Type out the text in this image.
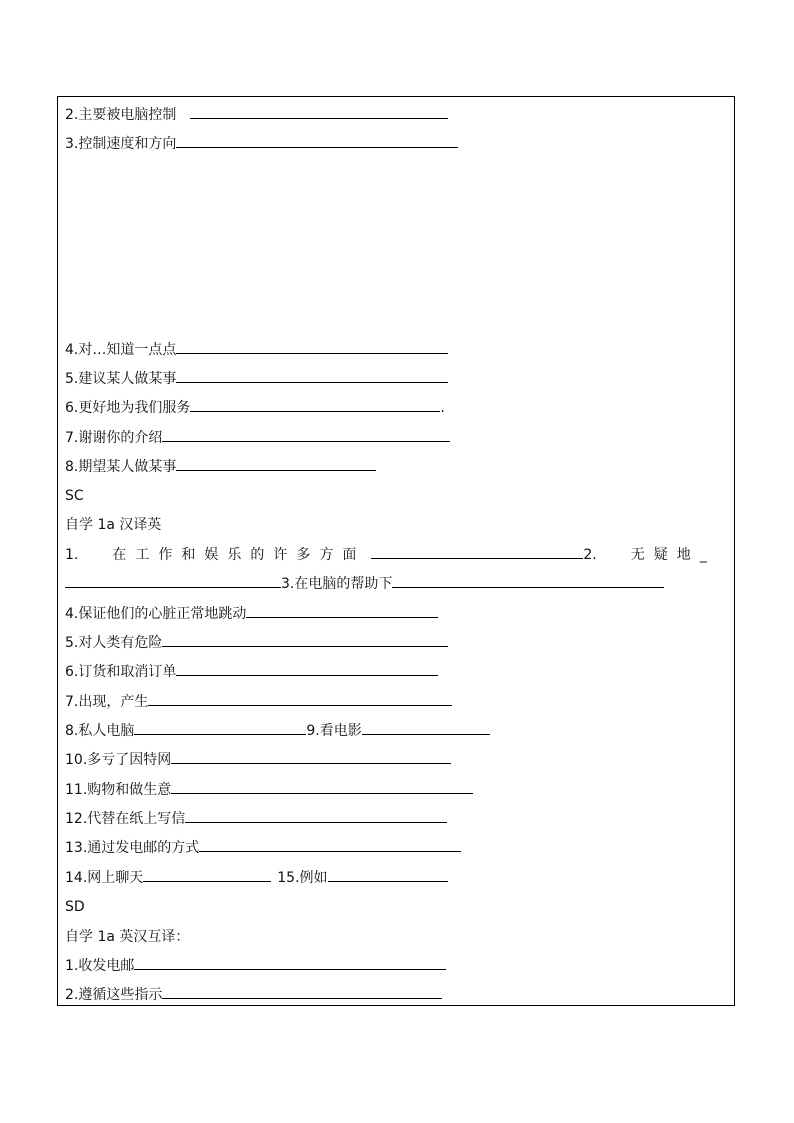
2.主要被电脑控制
3.控制速度和方向
4.对…知道一点点
5.建议某人做某事
6.更好地为我们服务	.
7.谢谢你的介绍
8.期望某人做某事
SC
自学 1a 汉译英
1. 在工作和娱乐的许多方面	2. 无疑地_
3.在电脑的帮助下
4.保证他们的心脏正常地跳动
5.对人类有危险
6.订货和取消订单
7.出现，产生
8.私人电脑	9.看电影
10.多亏了因特网
11.购物和做生意
12.代替在纸上写信
13.通过发电邮的方式
14.网上聊天	15.例如
SD
自学 1a 英汉互译：
1.收发电邮
2.遵循这些指示
